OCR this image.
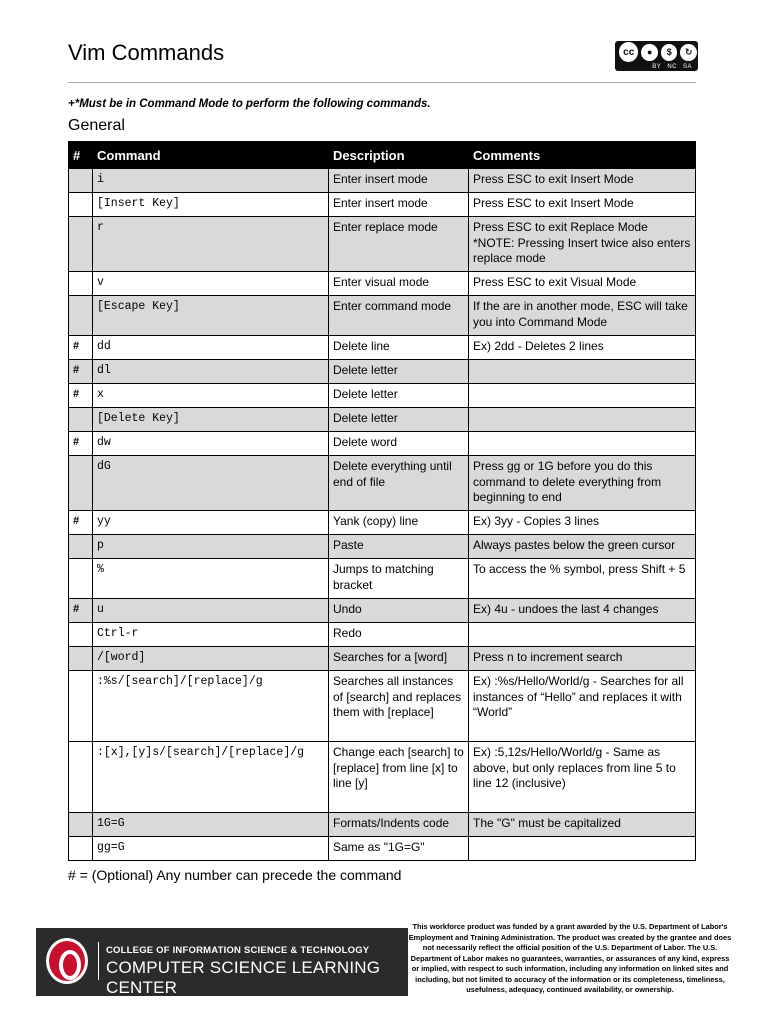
Vim Commands	cc	●	$	↻
BY NC SA
+*Must be in Command Mode to perform the following commands.
General
#	Command	Description	Comments
	i	Enter insert mode	Press ESC to exit Insert Mode
	[Insert Key]	Enter insert mode	Press ESC to exit Insert Mode
	r	Enter replace mode	Press ESC to exit Replace Mode
*NOTE: Pressing Insert twice also enters replace mode
	v	Enter visual mode	Press ESC to exit Visual Mode
	[Escape Key]	Enter command mode	If the are in another mode, ESC will take you into Command Mode
#	dd	Delete line	Ex) 2dd - Deletes 2 lines
#	dl	Delete letter	
#	x	Delete letter	
	[Delete Key]	Delete letter	
#	dw	Delete word	
	dG	Delete everything until end of file	Press gg or 1G before you do this command to delete everything from beginning to end
#	yy	Yank (copy) line	Ex) 3yy - Copies 3 lines
	p	Paste	Always pastes below the green cursor
	%	Jumps to matching bracket	To access the % symbol, press Shift + 5
#	u	Undo	Ex) 4u - undoes the last 4 changes
	Ctrl-r	Redo	
	/[word]	Searches for a [word]	Press n to increment search
	:%s/[search]/[replace]/g	Searches all instances of [search] and replaces them with [replace]	Ex) :%s/Hello/World/g - Searches for all instances of “Hello” and replaces it with “World”
	:[x],[y]s/[search]/[replace]/g	Change each [search] to [replace] from line [x] to line [y]	Ex) :5,12s/Hello/World/g - Same as above, but only replaces from line 5 to line 12 (inclusive)
	1G=G	Formats/Indents code	The "G" must be capitalized
	gg=G	Same as "1G=G"	
# = (Optional) Any number can precede the command
COLLEGE OF INFORMATION SCIENCE & TECHNOLOGY
COMPUTER SCIENCE LEARNING CENTER
This workforce product was funded by a grant awarded by the U.S. Department of Labor's Employment and Training Administration. The product was created by the grantee and does not necessarily reflect the official position of the U.S. Department of Labor. The U.S. Department of Labor makes no guarantees, warranties, or assurances of any kind, express or implied, with respect to such information, including any information on linked sites and including, but not limited to accuracy of the information or its completeness, timeliness, usefulness, adequacy, continued availability, or ownership.
